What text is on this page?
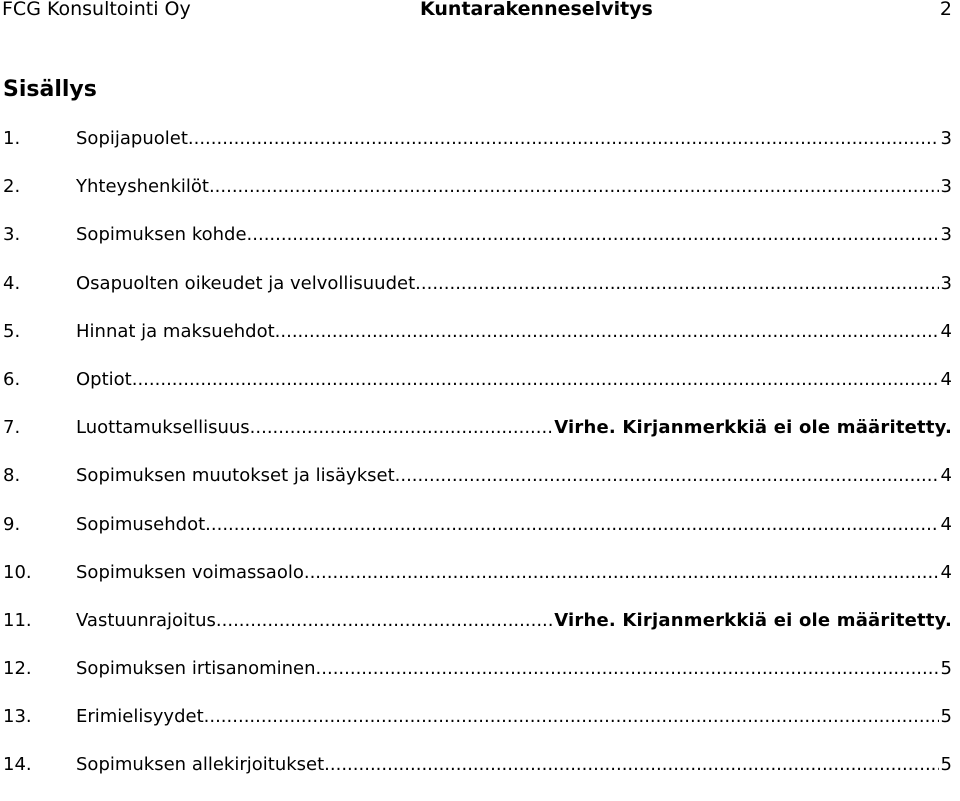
FCG Konsultointi Oy	Kuntarakenneselvitys	2
Sisällys
1.	Sopijapuolet .....	3
2.	Yhteyshenkilöt .....	3
3.	Sopimuksen kohde .....	3
4.	Osapuolten oikeudet ja velvollisuudet .....	3
5.	Hinnat ja maksuehdot .....	4
6.	Optiot .....	4
7.	Luottamuksellisuus .....	Virhe. Kirjanmerkkiä ei ole määritetty.
8.	Sopimuksen muutokset ja lisäykset .....	4
9.	Sopimusehdot .....	4
10.	Sopimuksen voimassaolo .....	4
11.	Vastuunrajoitus .....	Virhe. Kirjanmerkkiä ei ole määritetty.
12.	Sopimuksen irtisanominen .....	5
13.	Erimielisyydet .....	5
14.	Sopimuksen allekirjoitukset .....	5
